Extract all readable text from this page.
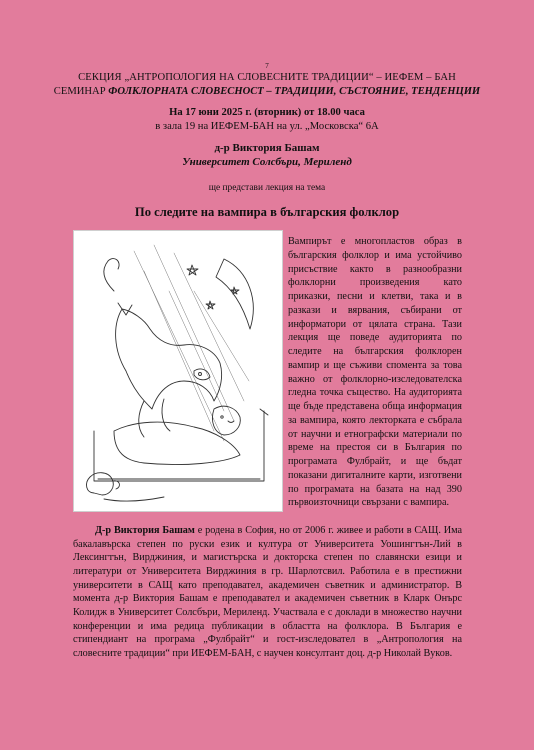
7
СЕКЦИЯ „АНТРОПОЛОГИЯ НА СЛОВЕСНИТЕ ТРАДИЦИИ“ – ИЕФЕМ – БАН
СЕМИНАР ФОЛКЛОРНАТА СЛОВЕСНОСТ – ТРАДИЦИИ, СЪСТОЯНИЕ, ТЕНДЕНЦИИ
На 17 юни 2025 г. (вторник) от 18.00 часа
в зала 19 на ИЕФЕМ-БАН на ул. „Московска“ 6А
д-р Виктория Башам
Университет Солсбъри, Мериленд
ще представи лекция на тема
По следите на вампира в българския фолклор
Вампирът е многопластов образ в българския фолклор и има устойчиво присъствие както в разнообразни фолклорни произведения като приказки, песни и клетви, така и в разкази и вярвания, събирани от информатори от цялата страна. Тази лекция ще поведе аудиторията по следите на българския фолклорен вампир и ще съживи спомента за това важно от фолклорно-изследователска гледна точка същество. На аудиторията ще бъде представена обща информация за вампира, която лекторката е събрала от научни и етнографски материали по време на престоя си в България по програмата Фулбрайт, и ще бъдат показани дигиталните карти, изготвени по програмата на базата на над 390 първоизточници свързани с вампира.
Д-р Виктория Башам е родена в София, но от 2006 г. живее и работи в САЩ. Има бакалавърска степен по руски език и култура от Университета Уошингтън-Лий в Лексингтън, Вирджиния, и магистърска и докторска степен по славянски езици и литератури от Университета Вирджиния в гр. Шарлотсвил. Работила е в престижни университети в САЩ като преподавател, академичен съветник и администратор. В момента д-р Виктория Башам е преподавател и академичен съветник в Кларк Онърс Колидж в Университет Солсбъри, Мериленд. Участвала е с доклади в множество научни конференции и има редица публикации в областта на фолклора. В България е стипендиант на програма „Фулбрайт“ и гост-изследовател в „Антропология на словесните традиции“ при ИЕФЕМ-БАН, с научен консултант доц. д-р Николай Вуков.
